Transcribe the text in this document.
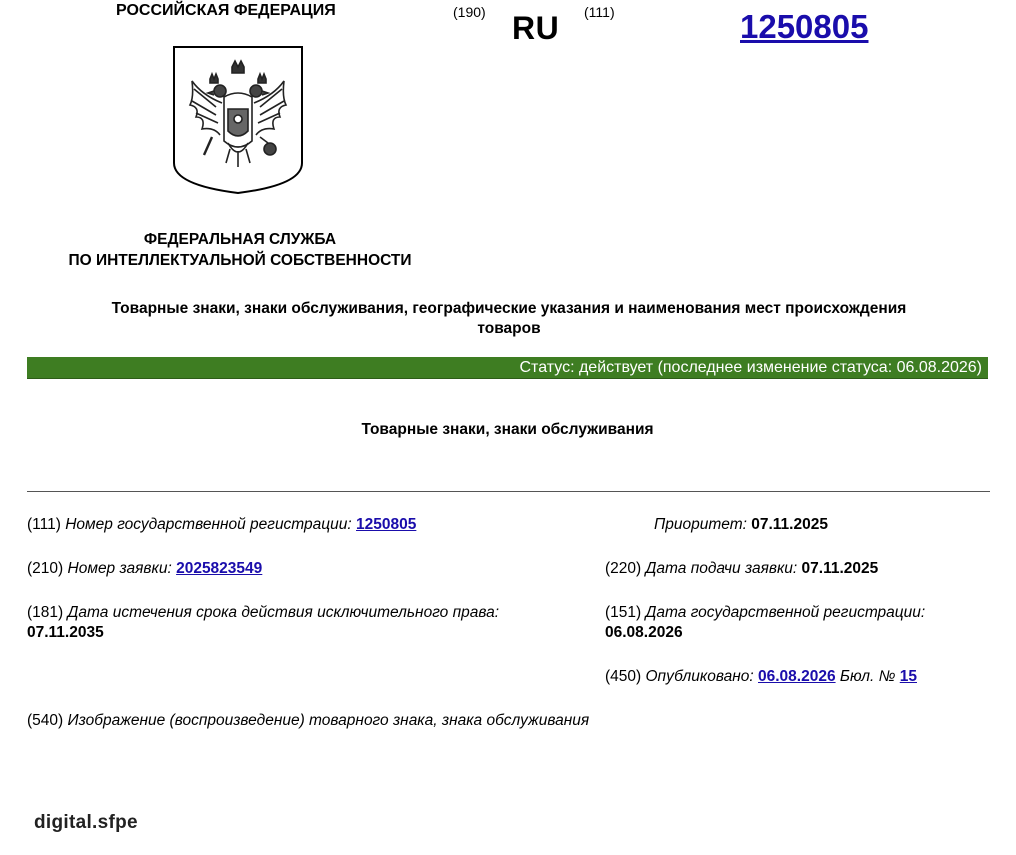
РОССИЙСКАЯ ФЕДЕРАЦИЯ	(190) RU (111)	1250805
ФЕДЕРАЛЬНАЯ СЛУЖБА
ПО ИНТЕЛЛЕКТУАЛЬНОЙ СОБСТВЕННОСТИ
Товарные знаки, знаки обслуживания, географические указания и наименования мест происхождения
товаров
Статус: действует (последнее изменение статуса: 06.08.2026)
Товарные знаки, знаки обслуживания
(111) Номер государственной регистрации: 1250805	Приоритет: 07.11.2025
(210) Номер заявки: 2025823549	(220) Дата подачи заявки: 07.11.2025
(181) Дата истечения срока действия исключительного права:
07.11.2035
(151) Дата государственной регистрации:
06.08.2026
(450) Опубликовано: 06.08.2026 Бюл. № 15
(540) Изображение (воспроизведение) товарного знака, знака обслуживания
digital.sfpe
